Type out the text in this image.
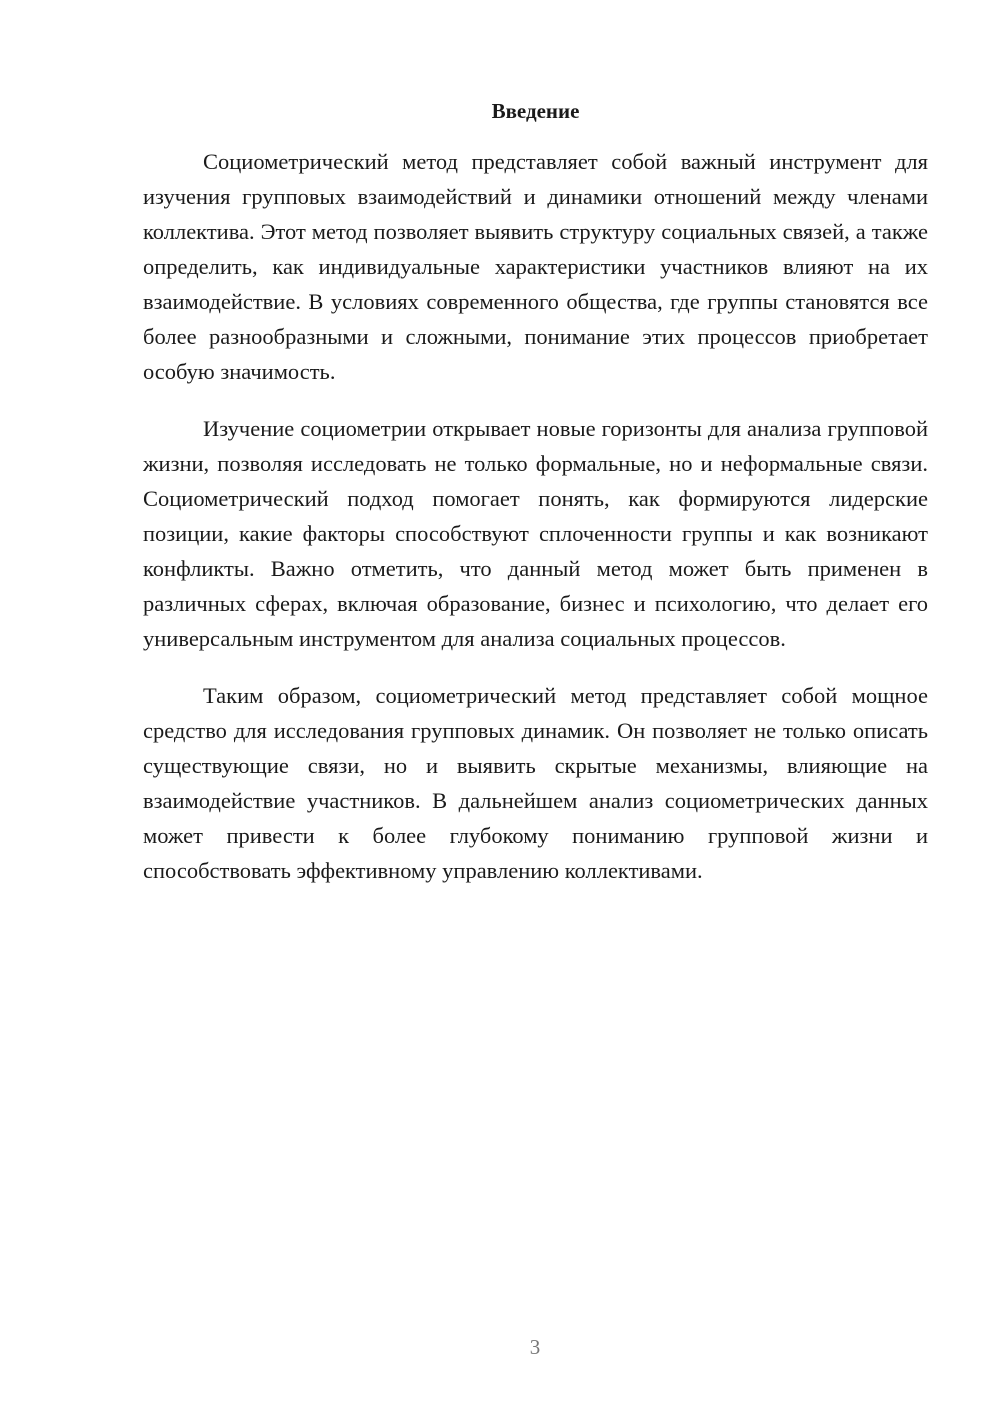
Введение

Социометрический метод представляет собой важный инструмент для изучения групповых взаимодействий и динамики отношений между членами коллектива. Этот метод позволяет выявить структуру социальных связей, а также определить, как индивидуальные характеристики участников влияют на их взаимодействие. В условиях современного общества, где группы становятся все более разнообразными и сложными, понимание этих процессов приобретает особую значимость.

Изучение социометрии открывает новые горизонты для анализа групповой жизни, позволяя исследовать не только формальные, но и неформальные связи. Социометрический подход помогает понять, как формируются лидерские позиции, какие факторы способствуют сплоченности группы и как возникают конфликты. Важно отметить, что данный метод может быть применен в различных сферах, включая образование, бизнес и психологию, что делает его универсальным инструментом для анализа социальных процессов.

Таким образом, социометрический метод представляет собой мощное средство для исследования групповых динамик. Он позволяет не только описать существующие связи, но и выявить скрытые механизмы, влияющие на взаимодействие участников. В дальнейшем анализ социометрических данных может привести к более глубокому пониманию групповой жизни и способствовать эффективному управлению коллективами.

3
